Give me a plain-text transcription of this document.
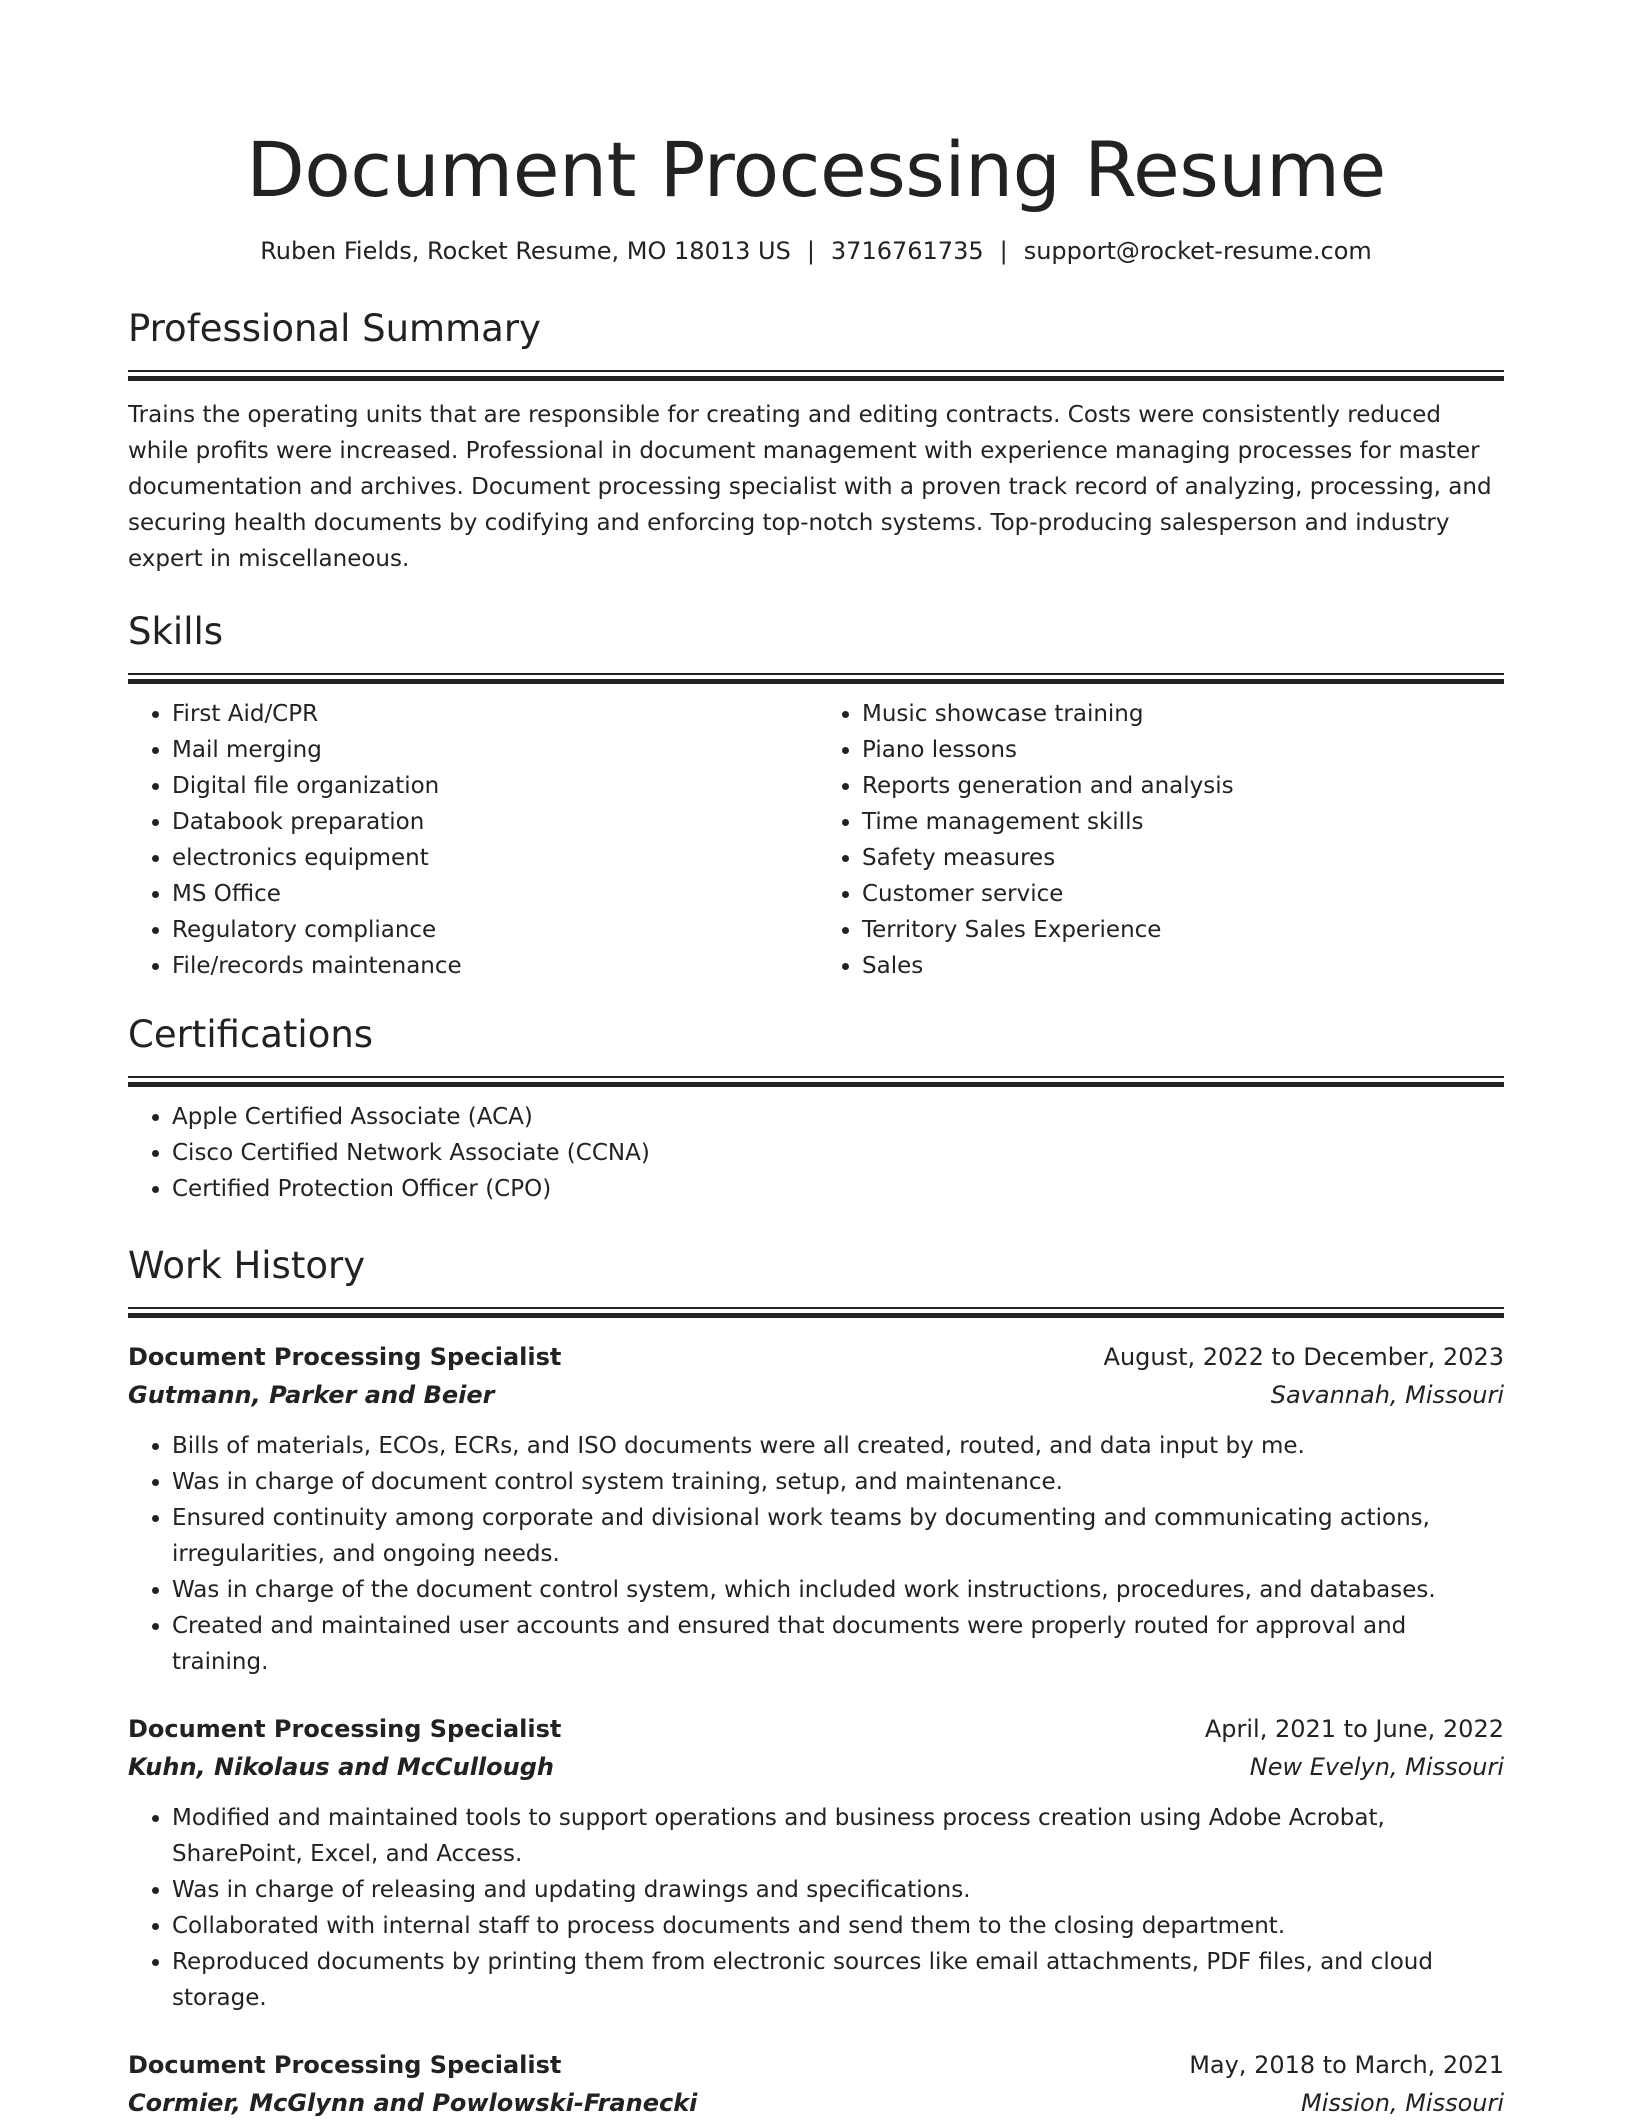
Document Processing Resume
Ruben Fields, Rocket Resume, MO 18013 US | 3716761735 | support@rocket-resume.com
Professional Summary

Trains the operating units that are responsible for creating and editing contracts. Costs were consistently reduced while profits were increased. Professional in document management with experience managing processes for master documentation and archives. Document processing specialist with a proven track record of analyzing, processing, and securing health documents by codifying and enforcing top-notch systems. Top-producing salesperson and industry expert in miscellaneous.

Skills
• First Aid/CPR
• Mail merging
• Digital file organization
• Databook preparation
• electronics equipment
• MS Office
• Regulatory compliance
• File/records maintenance
• Music showcase training
• Piano lessons
• Reports generation and analysis
• Time management skills
• Safety measures
• Customer service
• Territory Sales Experience
• Sales
Certifications
• Apple Certified Associate (ACA)
• Cisco Certified Network Associate (CCNA)
• Certified Protection Officer (CPO)
Work History
Document Processing Specialist	August, 2022 to December, 2023
Gutmann, Parker and Beier	Savannah, Missouri
• Bills of materials, ECOs, ECRs, and ISO documents were all created, routed, and data input by me.
• Was in charge of document control system training, setup, and maintenance.
• Ensured continuity among corporate and divisional work teams by documenting and communicating actions, irregularities, and ongoing needs.
• Was in charge of the document control system, which included work instructions, procedures, and databases.
• Created and maintained user accounts and ensured that documents were properly routed for approval and training.
Document Processing Specialist	April, 2021 to June, 2022
Kuhn, Nikolaus and McCullough	New Evelyn, Missouri
• Modified and maintained tools to support operations and business process creation using Adobe Acrobat, SharePoint, Excel, and Access.
• Was in charge of releasing and updating drawings and specifications.
• Collaborated with internal staff to process documents and send them to the closing department.
• Reproduced documents by printing them from electronic sources like email attachments, PDF files, and cloud storage.
Document Processing Specialist	May, 2018 to March, 2021
Cormier, McGlynn and Powlowski-Franecki	Mission, Missouri
